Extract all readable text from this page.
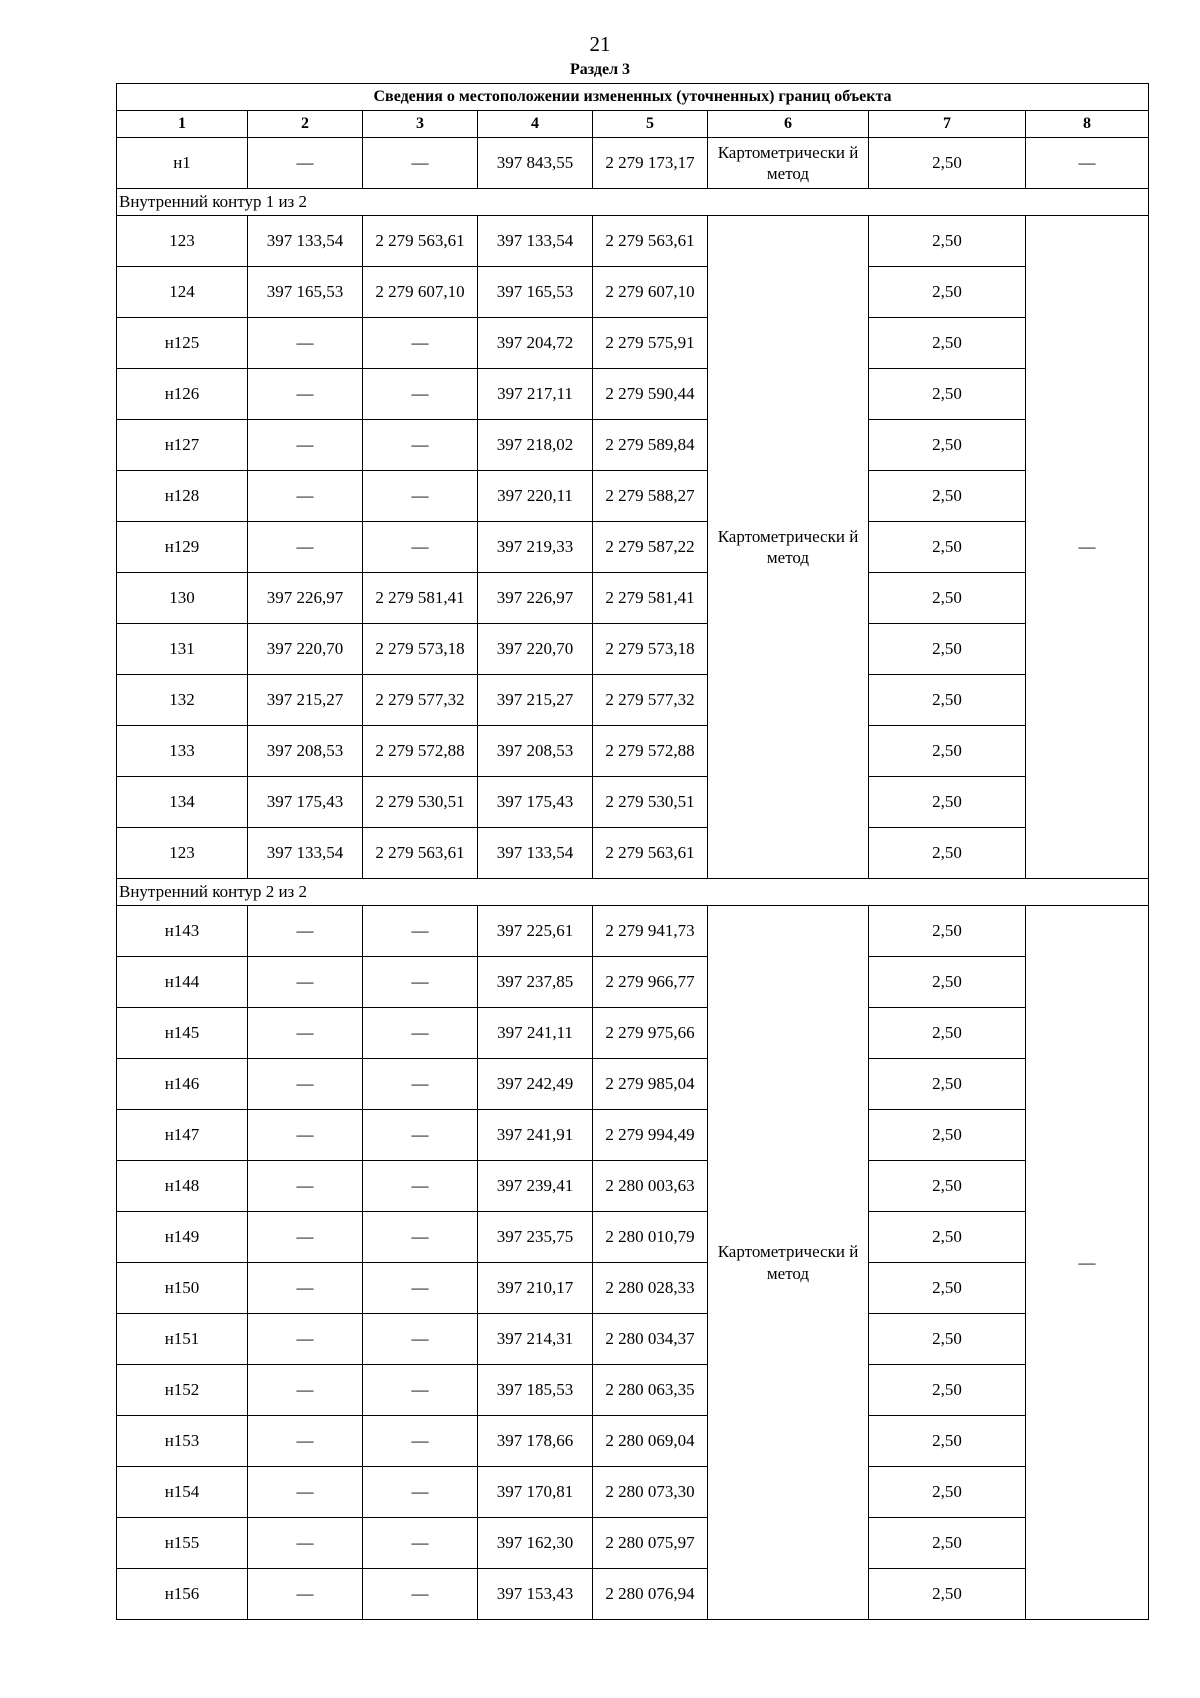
21
Раздел 3
Сведения о местоположении измененных (уточненных) границ объекта							
1	2	3	4	5	6	7	8
н1	—	—	397 843,55	2 279 173,17	Картометрически й метод	2,50	—
Внутренний контур 1 из 2							
123	397 133,54	2 279 563,61	397 133,54	2 279 563,61	Картометрически й метод	2,50	—
124	397 165,53	2 279 607,10	397 165,53	2 279 607,10		2,50	
н125	—	—	397 204,72	2 279 575,91		2,50	
н126	—	—	397 217,11	2 279 590,44		2,50	
н127	—	—	397 218,02	2 279 589,84		2,50	
н128	—	—	397 220,11	2 279 588,27		2,50	
н129	—	—	397 219,33	2 279 587,22		2,50	
130	397 226,97	2 279 581,41	397 226,97	2 279 581,41		2,50	
131	397 220,70	2 279 573,18	397 220,70	2 279 573,18		2,50	
132	397 215,27	2 279 577,32	397 215,27	2 279 577,32		2,50	
133	397 208,53	2 279 572,88	397 208,53	2 279 572,88		2,50	
134	397 175,43	2 279 530,51	397 175,43	2 279 530,51		2,50	
123	397 133,54	2 279 563,61	397 133,54	2 279 563,61		2,50	
Внутренний контур 2 из 2							
н143	—	—	397 225,61	2 279 941,73	Картометрически й метод	2,50	—
н144	—	—	397 237,85	2 279 966,77		2,50	
н145	—	—	397 241,11	2 279 975,66		2,50	
н146	—	—	397 242,49	2 279 985,04		2,50	
н147	—	—	397 241,91	2 279 994,49		2,50	
н148	—	—	397 239,41	2 280 003,63		2,50	
н149	—	—	397 235,75	2 280 010,79		2,50	
н150	—	—	397 210,17	2 280 028,33		2,50	
н151	—	—	397 214,31	2 280 034,37		2,50	
н152	—	—	397 185,53	2 280 063,35		2,50	
н153	—	—	397 178,66	2 280 069,04		2,50	
н154	—	—	397 170,81	2 280 073,30		2,50	
н155	—	—	397 162,30	2 280 075,97		2,50	
н156	—	—	397 153,43	2 280 076,94		2,50	
